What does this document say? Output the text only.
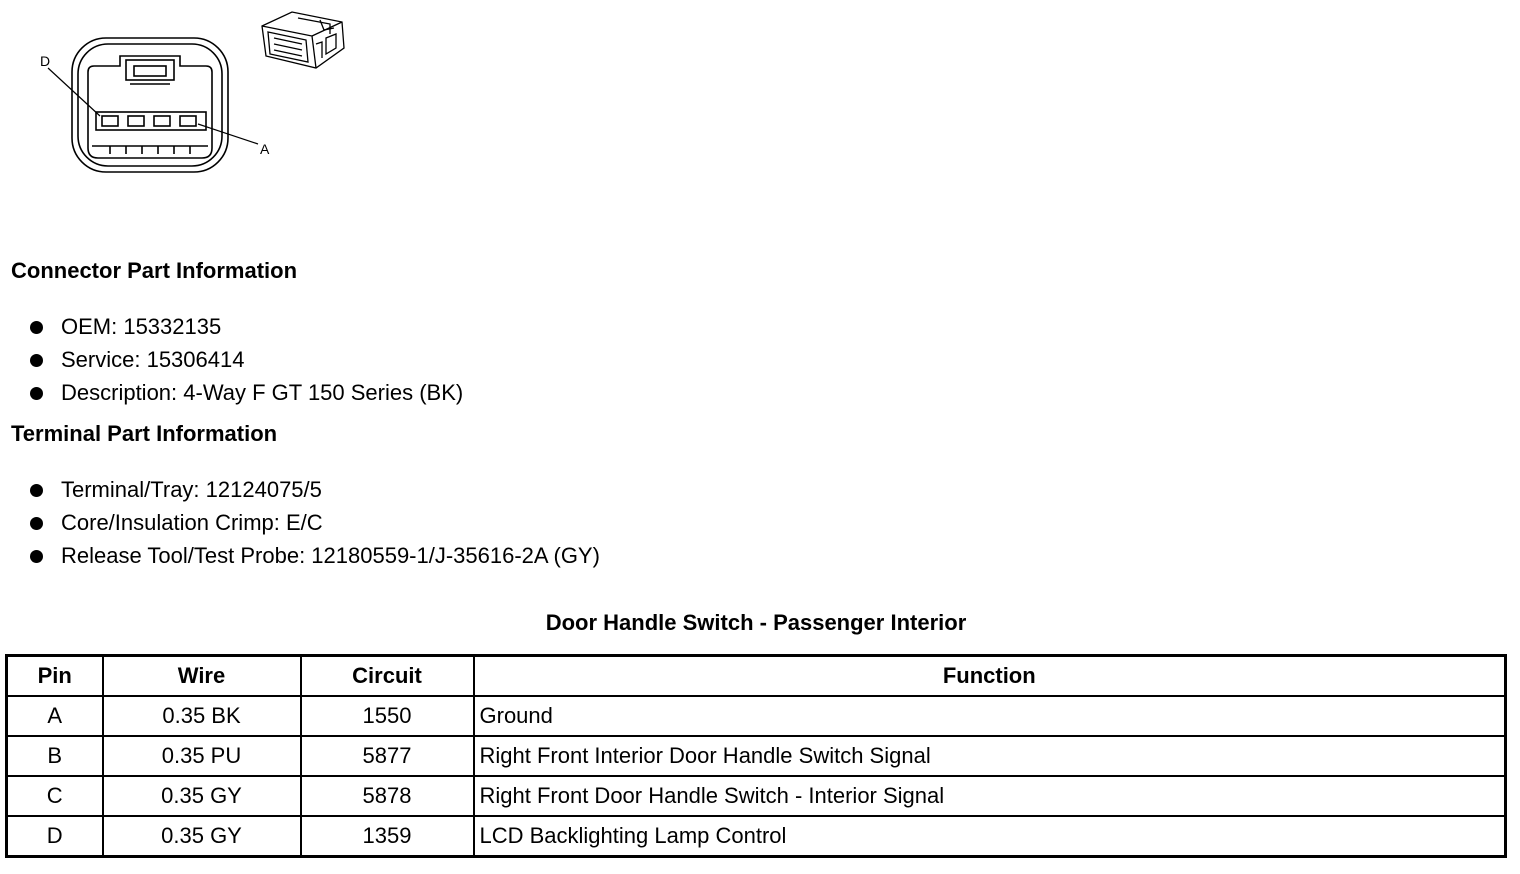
D
A
Connector Part Information
OEM: 15332135
Service: 15306414
Description: 4-Way F GT 150 Series (BK)
Terminal Part Information
Terminal/Tray: 12124075/5
Core/Insulation Crimp: E/C
Release Tool/Test Probe: 12180559-1/J-35616-2A (GY)
Door Handle Switch - Passenger Interior
Pin	Wire	Circuit	Function
A	0.35 BK	1550	Ground
B	0.35 PU	5877	Right Front Interior Door Handle Switch Signal
C	0.35 GY	5878	Right Front Door Handle Switch - Interior Signal
D	0.35 GY	1359	LCD Backlighting Lamp Control
